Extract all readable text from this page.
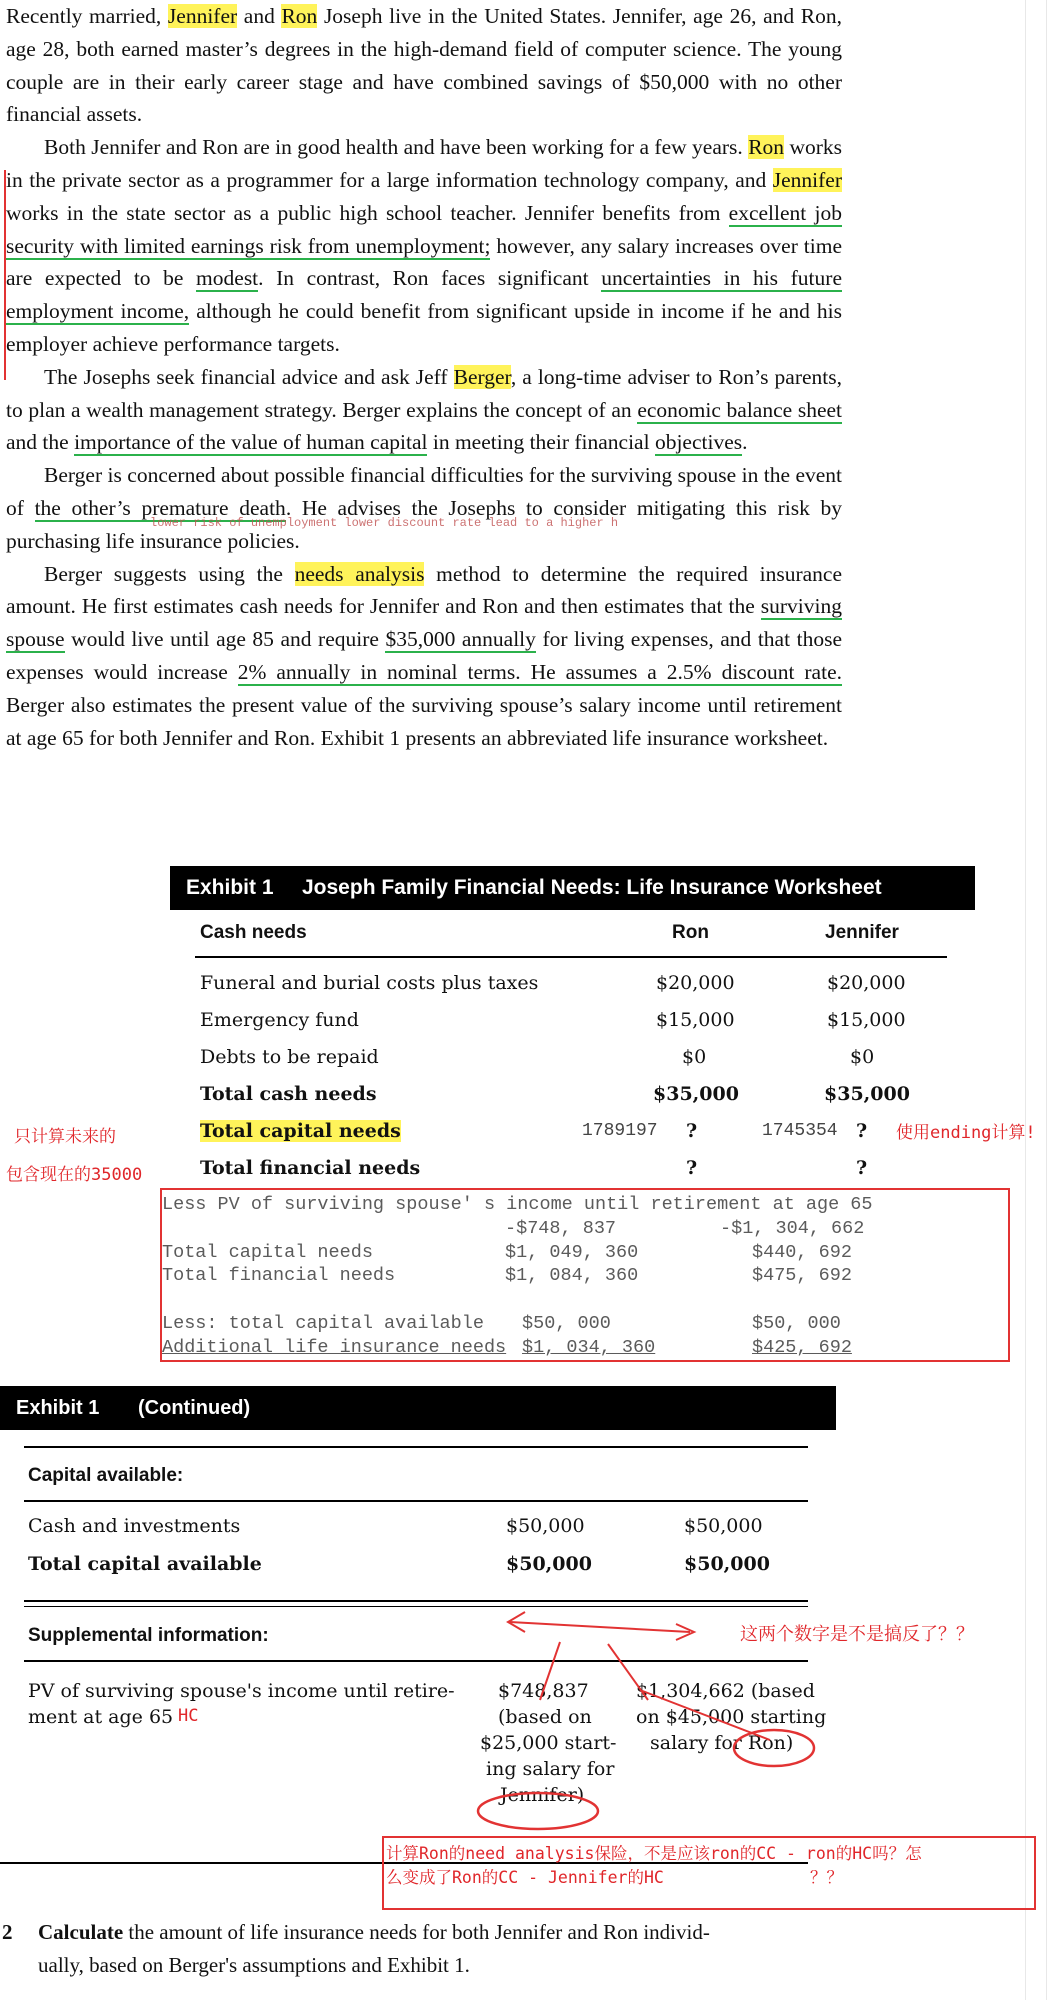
Recently married, Jennifer and Ron Joseph live in the United States. Jennifer, age 26, and Ron, age 28, both earned master’s degrees in the high-demand field of computer science. The young couple are in their early career stage and have combined savings of $50,000 with no other financial assets.

Both Jennifer and Ron are in good health and have been working for a few years. Ron works in the private sector as a programmer for a large information technology company, and Jennifer works in the state sector as a public high school teacher. Jennifer benefits from excellent job security with limited earnings risk from unemployment; however, any salary increases over time are expected to be modest. In contrast, Ron faces significant uncertainties in his future employment income, although he could benefit from significant upside in income if he and his employer achieve performance targets.

The Josephs seek financial advice and ask Jeff Berger, a long-time adviser to Ron’s parents, to plan a wealth management strategy. Berger explains the concept of an economic balance sheet and the importance of the value of human capital in meeting their financial objectives.

Berger is concerned about possible financial difficulties for the surviving spouse in the event of the other’s premature death. He advises the Josephs to consider mitigating this risk by purchasing life insurance policies.

Berger suggests using the needs analysis method to determine the required insurance amount. He first estimates cash needs for Jennifer and Ron and then estimates that the surviving spouse would live until age 85 and require $35,000 annually for living expenses, and that those expenses would increase 2% annually in nominal terms. He assumes a 2.5% discount rate. Berger also estimates the present value of the surviving spouse’s salary income until retirement at age 65 for both Jennifer and Ron. Exhibit 1 presents an abbreviated life insurance worksheet.

lower risk of unemployment lower discount rate lead to a higher h
Exhibit 1 Joseph Family Financial Needs: Life Insurance Worksheet
Cash needs	Ron	Jennifer
Funeral and burial costs plus taxes	$20,000	$20,000
Emergency fund	$15,000	$15,000
Debts to be repaid	$0	$0
Total cash needs	$35,000	$35,000
Total capital needs	?	?
Total financial needs	?	?
1789197	1745354
只计算未来的
包含现在的35000
使用ending计算!
Less PV of surviving spouse' s income until retirement at age 65
-$748, 837	-$1, 304, 662
Total capital needs	$1, 049, 360	$440, 692
Total financial needs	$1, 084, 360	$475, 692
Less: total capital available $50, 000	$50, 000
Additional life insurance needs $1, 034, 360	$425, 692
Exhibit 1 (Continued)
Capital available:
Cash and investments	$50,000	$50,000
Total capital available	$50,000	$50,000
Supplemental information:
PV of surviving spouse's income until retire-
ment at age 65 HC
$748,837
(based on
$25,000 start-
ing salary for
Jennifer)
$1,304,662 (based
on $45,000 starting
salary for Ron)
这两个数字是不是搞反了？？
计算Ron的need analysis保险，不是应该ron的CC - ron的HC吗？怎
么变成了Ron的CC - Jennifer的HC	？？
2 Calculate the amount of life insurance needs for both Jennifer and Ron individ-
ually, based on Berger's assumptions and Exhibit 1.
